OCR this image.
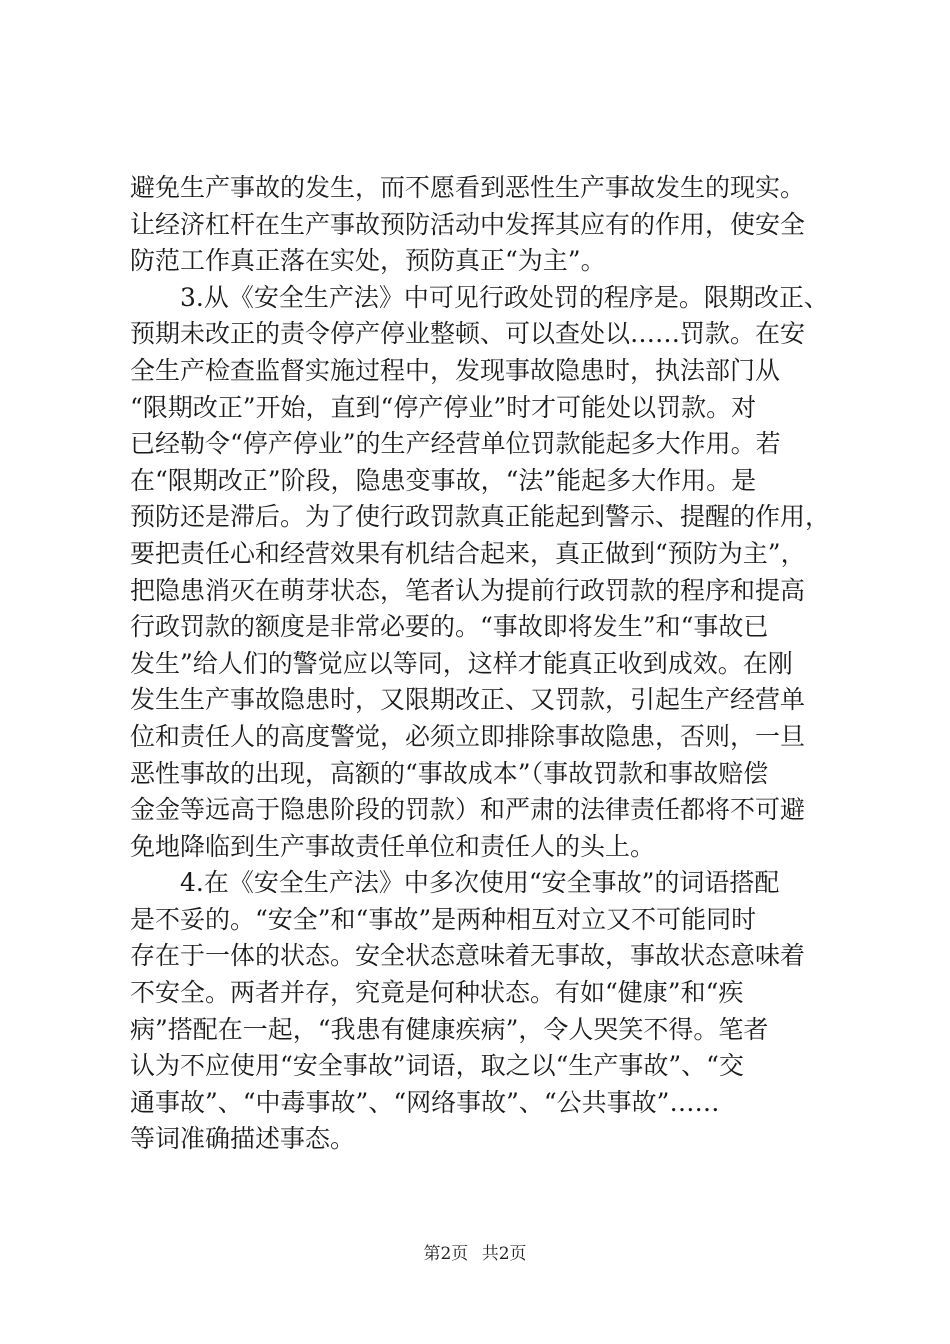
避免生产事故的发生，而不愿看到恶性生产事故发生的现实。
让经济杠杆在生产事故预防活动中发挥其应有的作用，使安全
防范工作真正落在实处，预防真正“为主”。
3.从《安全生产法》中可见行政处罚的程序是。限期改正、
预期未改正的责令停产停业整顿、可以查处以……罚款。在安
全生产检查监督实施过程中，发现事故隐患时，执法部门从
“限期改正”开始，直到“停产停业”时才可能处以罚款。对
已经勒令“停产停业”的生产经营单位罚款能起多大作用。若
在“限期改正”阶段，隐患变事故，“法”能起多大作用。是
预防还是滞后。为了使行政罚款真正能起到警示、提醒的作用，
要把责任心和经营效果有机结合起来，真正做到“预防为主”，
把隐患消灭在萌芽状态，笔者认为提前行政罚款的程序和提高
行政罚款的额度是非常必要的。“事故即将发生”和“事故已
发生”给人们的警觉应以等同，这样才能真正收到成效。在刚
发生生产事故隐患时，又限期改正、又罚款，引起生产经营单
位和责任人的高度警觉，必须立即排除事故隐患，否则，一旦
恶性事故的出现，高额的“事故成本”（事故罚款和事故赔偿
金金等远高于隐患阶段的罚款）和严肃的法律责任都将不可避
免地降临到生产事故责任单位和责任人的头上。
4.在《安全生产法》中多次使用“安全事故”的词语搭配
是不妥的。“安全”和“事故”是两种相互对立又不可能同时
存在于一体的状态。安全状态意味着无事故，事故状态意味着
不安全。两者并存，究竟是何种状态。有如“健康”和“疾
病”搭配在一起，“我患有健康疾病”，令人哭笑不得。笔者
认为不应使用“安全事故”词语，取之以“生产事故”、“交
通事故”、“中毒事故”、“网络事故”、“公共事故”……
等词准确描述事态。
第2页 共2页
